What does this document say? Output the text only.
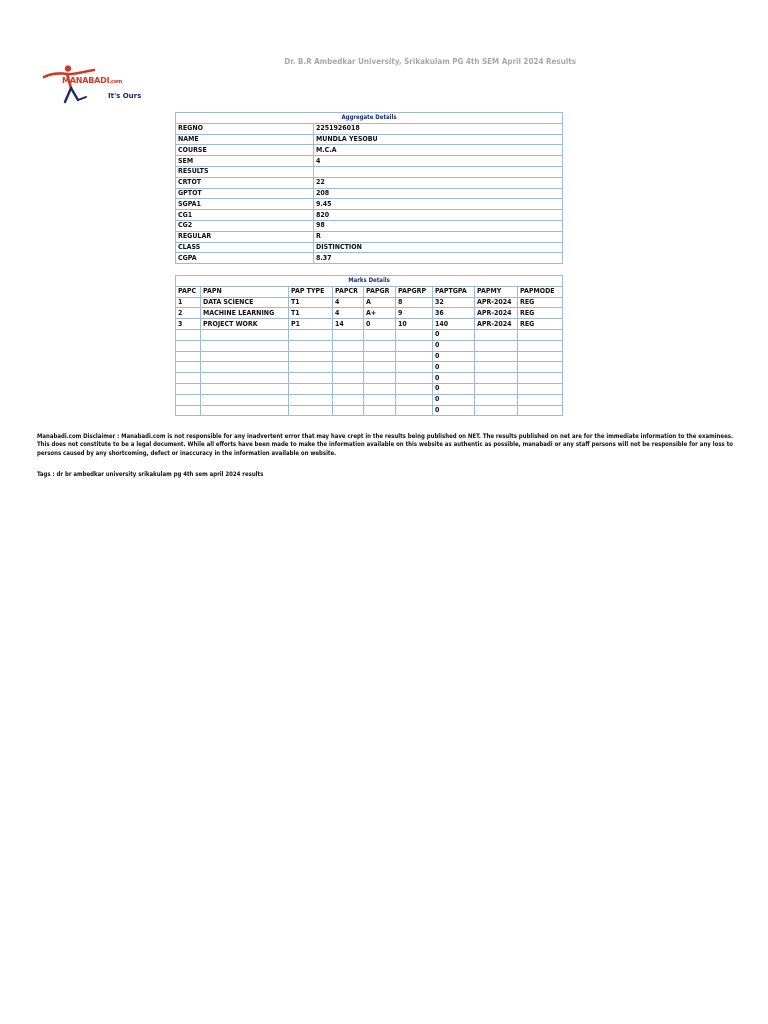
Dr. B.R Ambedkar University, Srikakulam PG 4th SEM April 2024 Results
MANABADI.com
It's Ours
Aggregate Details	
REGNO	2251926018
NAME	MUNDLA YESOBU
COURSE	M.C.A
SEM	4
RESULTS	
CRTOT	22
GPTOT	208
SGPA1	9.45
CG1	820
CG2	98
REGULAR	R
CLASS	DISTINCTION
CGPA	8.37
Marks Details								
PAPC	PAPN	PAP TYPE	PAPCR	PAPGR	PAPGRP	PAPTGPA	PAPMY	PAPMODE
1	DATA SCIENCE	T1	4	A	8	32	APR-2024	REG
2	MACHINE LEARNING	T1	4	A+	9	36	APR-2024	REG
3	PROJECT WORK	P1	14	0	10	140	APR-2024	REG
						0		
						0		
						0		
						0		
						0		
						0		
						0		
						0		
Manabadi.com Disclaimer : Manabadi.com is not responsible for any inadvertent error that may have crept in the results being published on NET. The results published on net are for the immediate information to the examinees. This does not constitute to be a legal document. While all efforts have been made to make the information available on this website as authentic as possible, manabadi or any staff persons will not be responsible for any loss to persons caused by any shortcoming, defect or inaccuracy in the information available on website.
Tags : dr br ambedkar university srikakulam pg 4th sem april 2024 results
